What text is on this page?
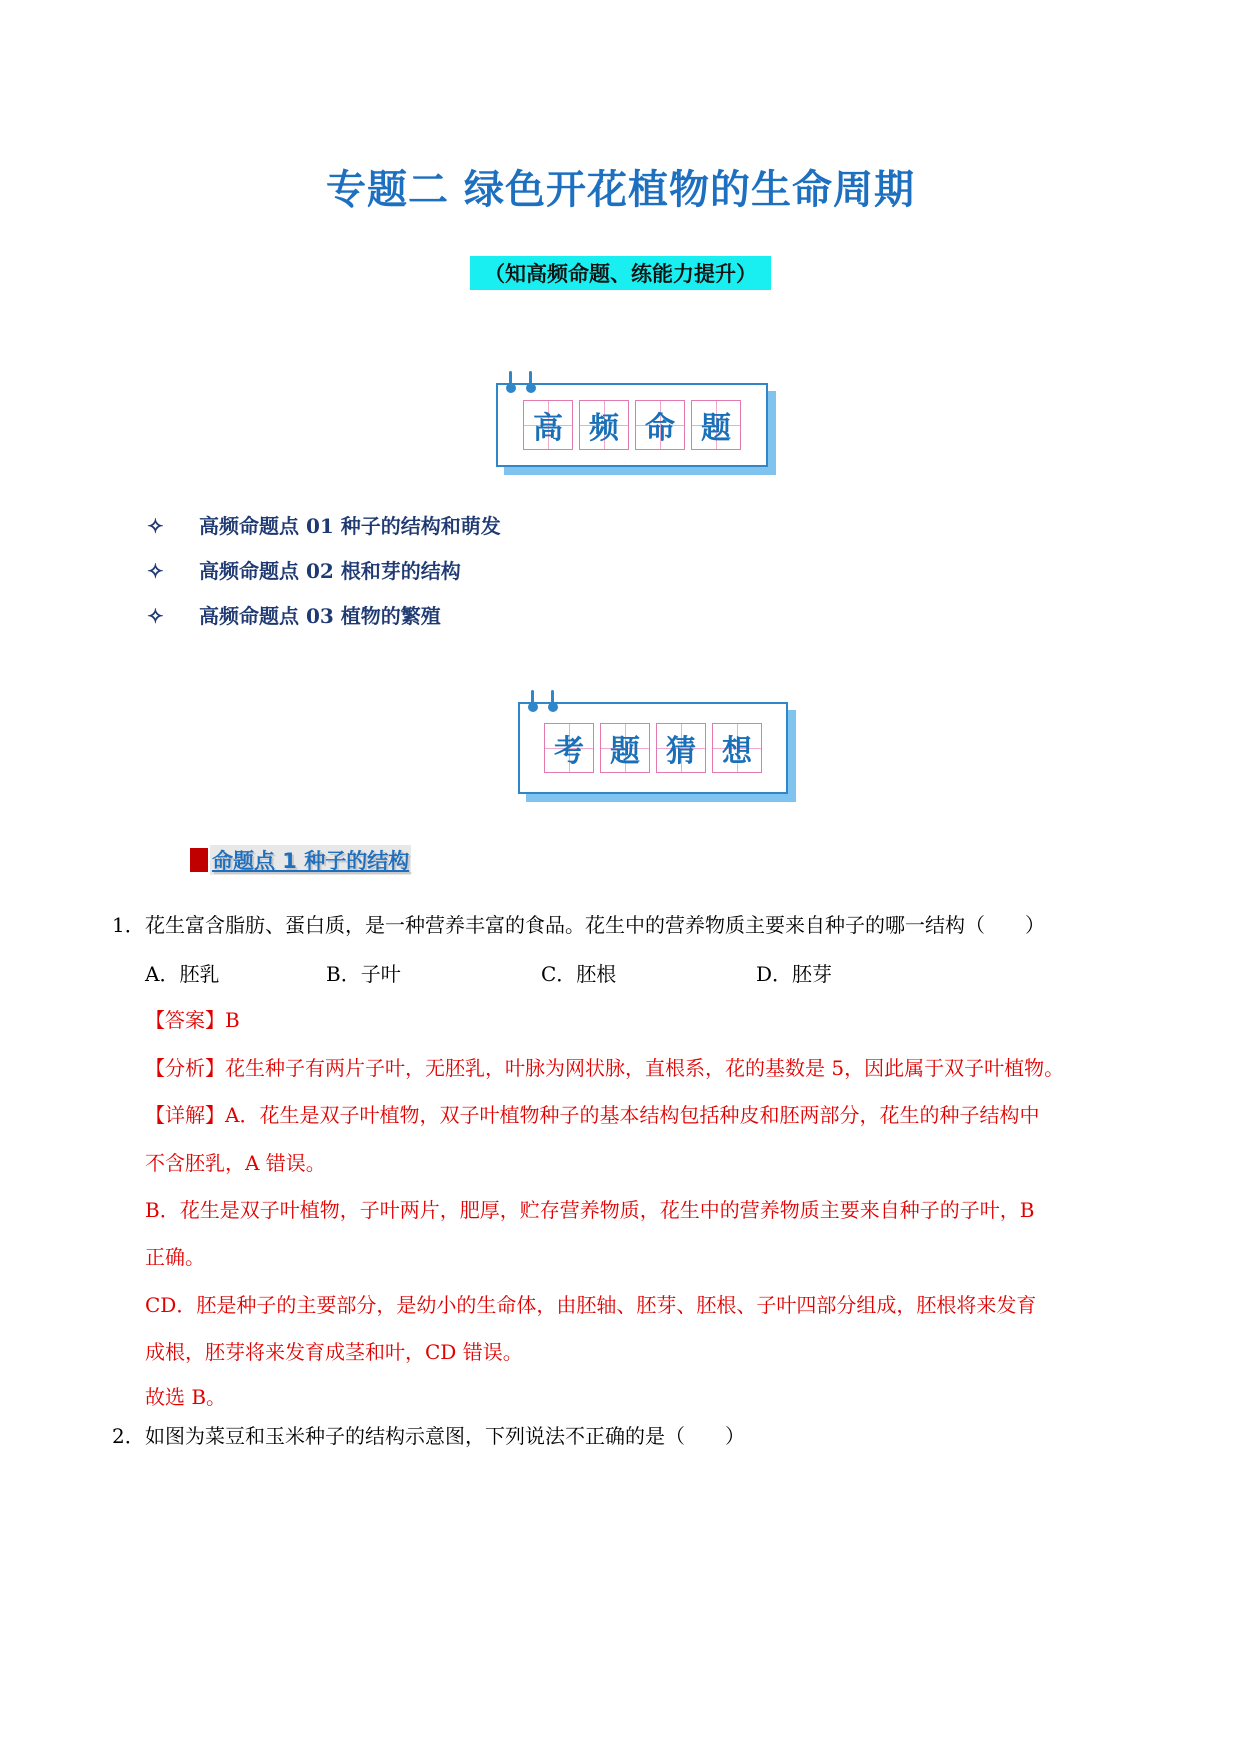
专题二 绿色开花植物的生命周期
（知高频命题、练能力提升）
高 频 命 题
✧ 高频命题点 01 种子的结构和萌发
✧ 高频命题点 02 根和芽的结构
✧ 高频命题点 03 植物的繁殖
考 题 猜 想
命题点 1 种子的结构
1．花生富含脂肪、蛋白质，是一种营养丰富的食品。花生中的营养物质主要来自种子的哪一结构（　　）
A．胚乳	B．子叶	C．胚根	D．胚芽
【答案】B
【分析】花生种子有两片子叶，无胚乳，叶脉为网状脉，直根系，花的基数是 5，因此属于双子叶植物。
【详解】A．花生是双子叶植物，双子叶植物种子的基本结构包括种皮和胚两部分，花生的种子结构中
不含胚乳，A 错误。
B．花生是双子叶植物，子叶两片，肥厚，贮存营养物质，花生中的营养物质主要来自种子的子叶，B
正确。
CD．胚是种子的主要部分，是幼小的生命体，由胚轴、胚芽、胚根、子叶四部分组成，胚根将来发育
成根，胚芽将来发育成茎和叶，CD 错误。
故选 B。
2．如图为菜豆和玉米种子的结构示意图，下列说法不正确的是（　　）
